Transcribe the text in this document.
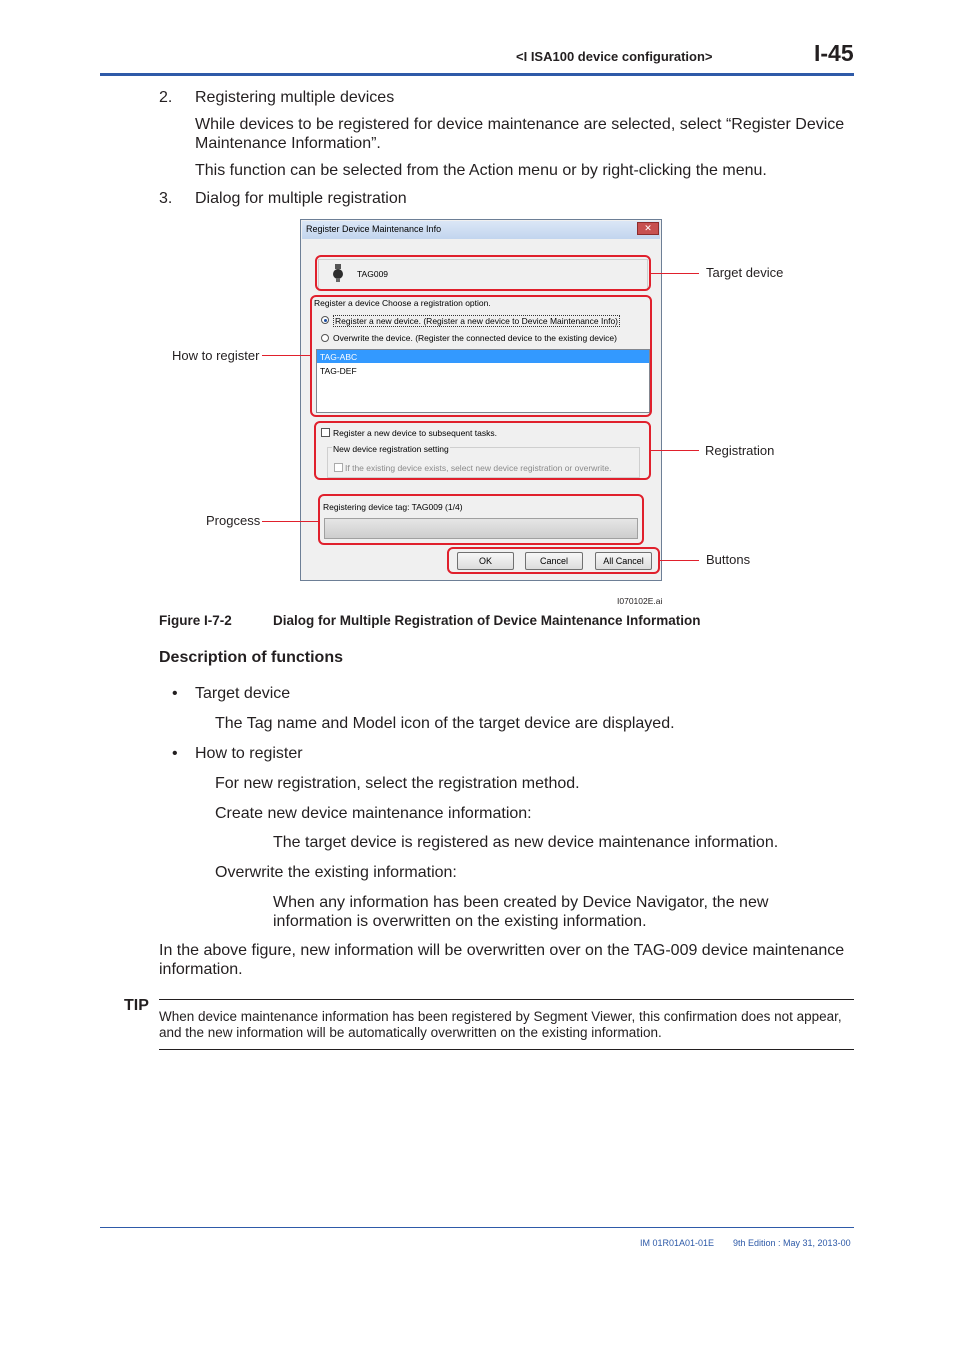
<I ISA100 device configuration>	I-45
2. Registering multiple devices
While devices to be registered for device maintenance are selected, select “Register Device Maintenance Information”.
This function can be selected from the Action menu or by right-clicking the menu.
3. Dialog for multiple registration
Register Device Maintenance Info	✕
TAG009
Register a device Choose a registration option.
Register a new device. (Register a new device to Device Maintenance Info)
Overwrite the device. (Register the connected device to the existing device)
TAG-ABC
TAG-DEF
Register a new device to subsequent tasks.
New device registration setting
If the existing device exists, select new device registration or overwrite.
Registering device tag: TAG009 (1/4)
OK	Cancel	All Cancel
Target device
How to register
Registration
Progcess
Buttons
I070102E.ai
Figure I-7-2	Dialog for Multiple Registration of Device Maintenance Information
Description of functions
• Target device
The Tag name and Model icon of the target device are displayed.
• How to register
For new registration, select the registration method.
Create new device maintenance information:
The target device is registered as new device maintenance information.
Overwrite the existing information:
When any information has been created by Device Navigator, the new information is overwritten on the existing information.
In the above figure, new information will be overwritten over on the TAG-009 device maintenance information.
TIP
When device maintenance information has been registered by Segment Viewer, this confirmation does not appear, and the new information will be automatically overwritten on the existing information.
IM 01R01A01-01E 9th Edition : May 31, 2013-00
